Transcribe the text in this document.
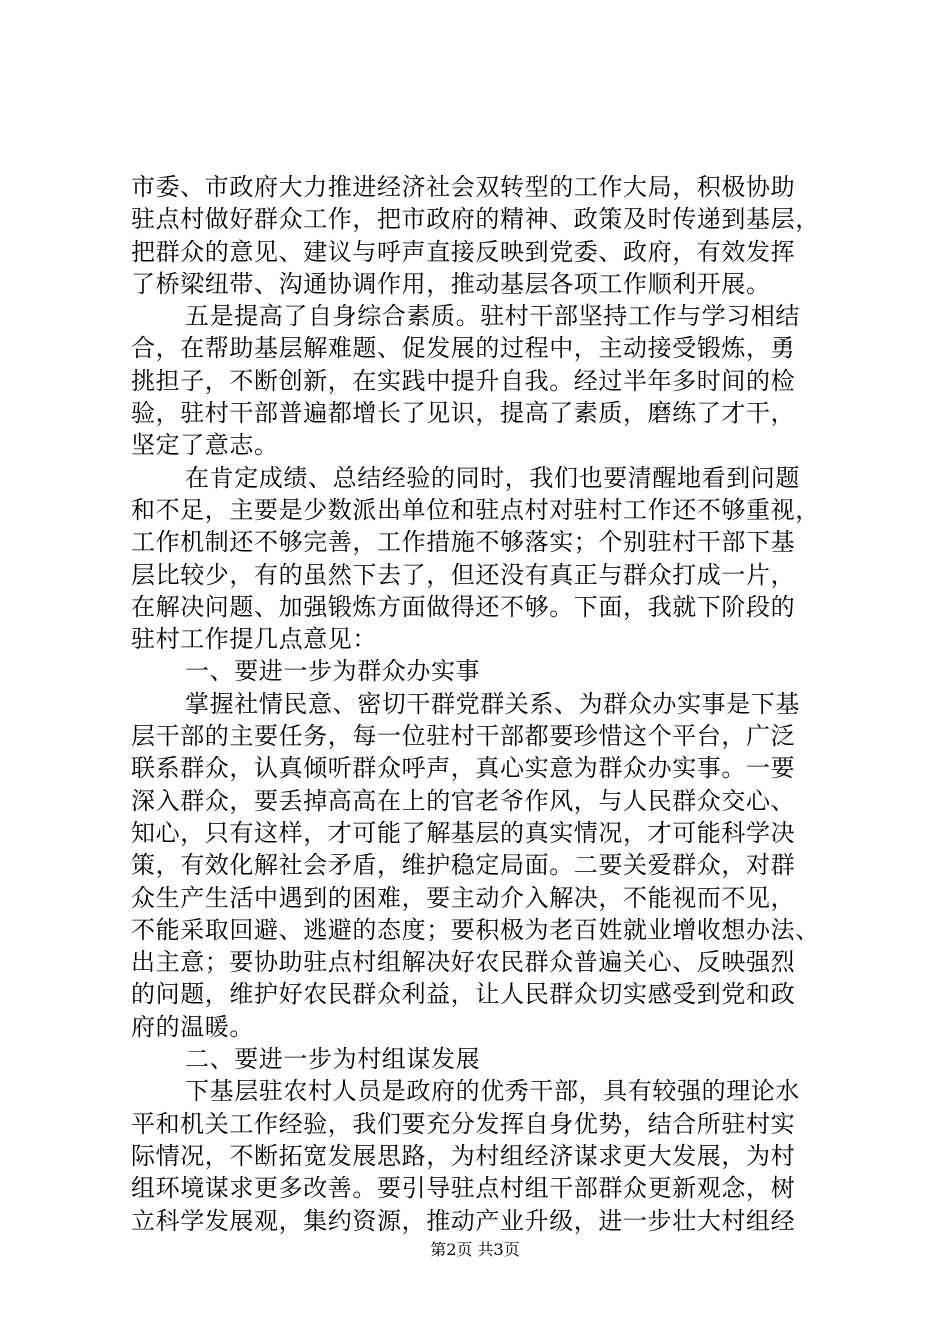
市委、市政府大力推进经济社会双转型的工作大局，积极协助
驻点村做好群众工作，把市政府的精神、政策及时传递到基层，
把群众的意见、建议与呼声直接反映到党委、政府，有效发挥
了桥梁纽带、沟通协调作用，推动基层各项工作顺利开展。
五是提高了自身综合素质。驻村干部坚持工作与学习相结
合，在帮助基层解难题、促发展的过程中，主动接受锻炼，勇
挑担子，不断创新，在实践中提升自我。经过半年多时间的检
验，驻村干部普遍都增长了见识，提高了素质，磨练了才干，
坚定了意志。
在肯定成绩、总结经验的同时，我们也要清醒地看到问题
和不足，主要是少数派出单位和驻点村对驻村工作还不够重视，
工作机制还不够完善，工作措施不够落实；个别驻村干部下基
层比较少，有的虽然下去了，但还没有真正与群众打成一片，
在解决问题、加强锻炼方面做得还不够。下面，我就下阶段的
驻村工作提几点意见：
一、要进一步为群众办实事
掌握社情民意、密切干群党群关系、为群众办实事是下基
层干部的主要任务，每一位驻村干部都要珍惜这个平台，广泛
联系群众，认真倾听群众呼声，真心实意为群众办实事。一要
深入群众，要丢掉高高在上的官老爷作风，与人民群众交心、
知心，只有这样，才可能了解基层的真实情况，才可能科学决
策，有效化解社会矛盾，维护稳定局面。二要关爱群众，对群
众生产生活中遇到的困难，要主动介入解决，不能视而不见，
不能采取回避、逃避的态度；要积极为老百姓就业增收想办法、
出主意；要协助驻点村组解决好农民群众普遍关心、反映强烈
的问题，维护好农民群众利益，让人民群众切实感受到党和政
府的温暖。
二、要进一步为村组谋发展
下基层驻农村人员是政府的优秀干部，具有较强的理论水
平和机关工作经验，我们要充分发挥自身优势，结合所驻村实
际情况，不断拓宽发展思路，为村组经济谋求更大发展，为村
组环境谋求更多改善。要引导驻点村组干部群众更新观念，树
立科学发展观，集约资源，推动产业升级，进一步壮大村组经
第2页 共3页
